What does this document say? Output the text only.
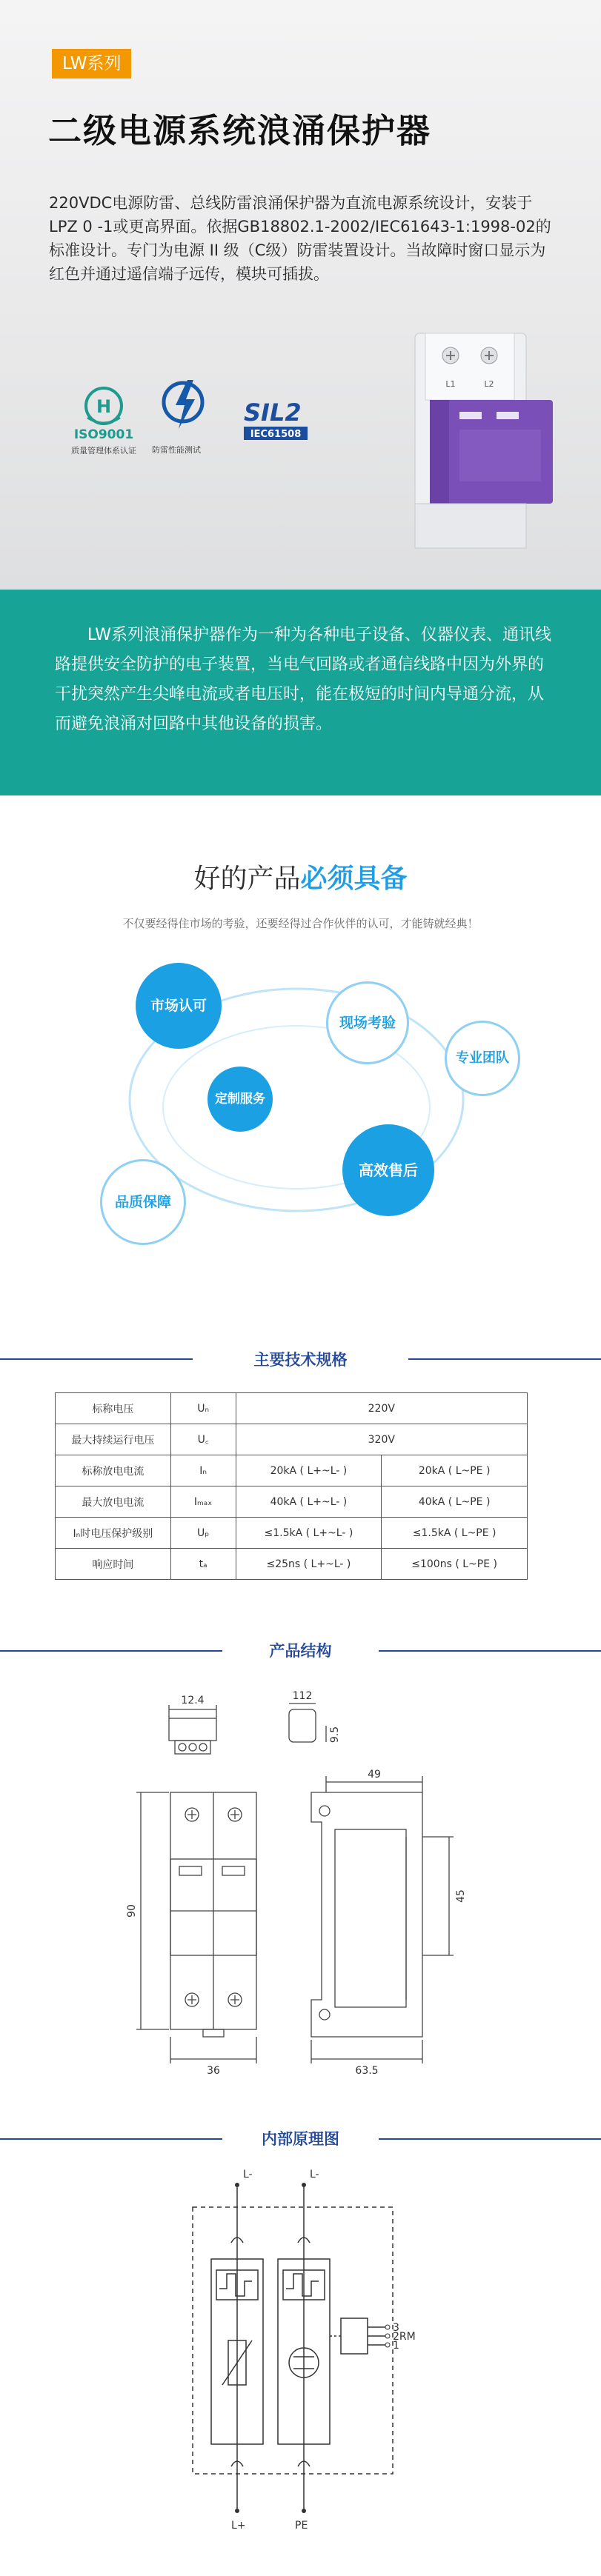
LW系列
二级电源系统浪涌保护器
220VDC电源防雷、总线防雷浪涌保护器为直流电源系统设计，安装于LPZ 0 -1或更高界面。依据GB18802.1-2002/IEC61643-1:1998-02的标准设计。专门为电源 II 级（C级）防雷装置设计。当故障时窗口显示为红色并通过遥信端子远传，模块可插拔。
H
ISO9001
质量管理体系认证	防雷性能测试
SIL2
IEC61508
L1	L2
LW系列浪涌保护器作为一种为各种电子设备、仪器仪表、通讯线路提供安全防护的电子装置，当电气回路或者通信线路中因为外界的干扰突然产生尖峰电流或者电压时，能在极短的时间内导通分流，从而避免浪涌对回路中其他设备的损害。
好的产品必须具备
不仅要经得住市场的考验，还要经得过合作伙伴的认可，才能铸就经典！
市场认可
现场考验
专业团队
定制服务
高效售后
品质保障
主要技术规格
标称电压	Uₙ	220V	
最大持续运行电压	U꜀	320V	
标称放电电流	Iₙ	20kA ( L+~L- )	20kA ( L~PE )
最大放电电流	Iₘₐₓ	40kA ( L+~L- )	40kA ( L~PE )
Iₙ时电压保护级别	Uₚ	≤1.5kA ( L+~L- )	≤1.5kA ( L~PE )
响应时间	tₐ	≤25ns ( L+~L- )	≤100ns ( L~PE )
产品结构
12.4	112
9.5
49
90
45
36	63.5
内部原理图
L-	L-
L+	PE
3
2RM
1
